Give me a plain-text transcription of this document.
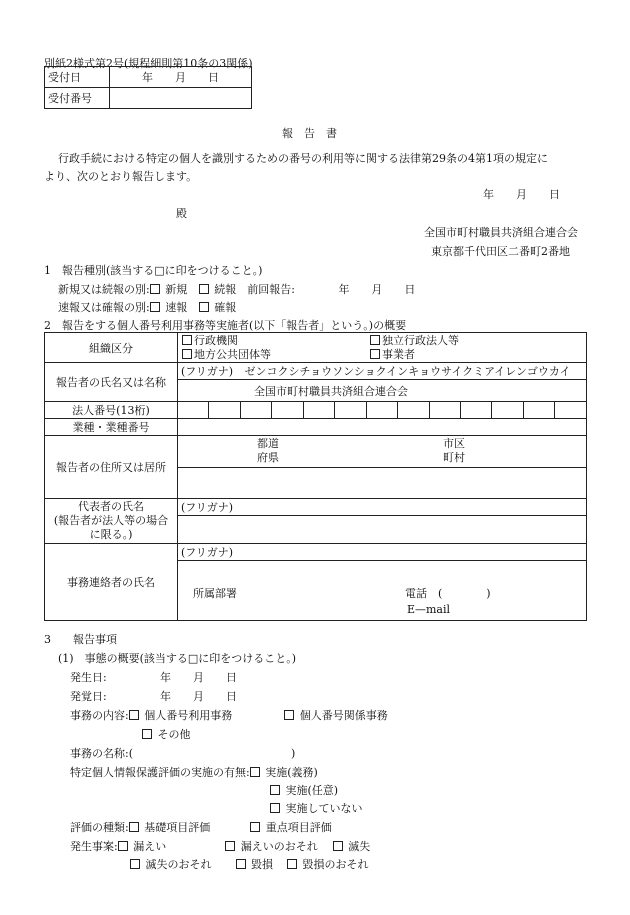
別紙2様式第2号(規程細則第10条の3関係)
受付日	年　　月　　日
受付番号	
報　告　書
行政手続における特定の個人を識別するための番号の利用等に関する法律第29条の4第1項の規定に
より、次のとおり報告します。
年　　月　　日
殿
全国市町村職員共済組合連合会
東京都千代田区二番町2番地
1　報告種別(該当する□に印をつけること。)
新規又は続報の別: 新規 続報　前回報告:	年　　月　　日
速報又は確報の別: 速報 確報
2　報告をする個人番号利用事務等実施者(以下「報告者」という。)の概要
組織区分	行政機関 独立行政法人等
地方公共団体等 事業者												

報告者の氏名又は名称	(フリガナ) ゼンコクシチョウソンショクインキョウサイクミアイレンゴウカイ												
	全国市町村職員共済組合連合会												
法人番号(13桁)													
業種・業種番号													
報告者の住所又は居所	都道
府県
市区
町村												

代表者の氏名
(報告者が法人等の場合
に限る。)	(フリガナ)												

事務連絡者の氏名	(フリガナ)												

	所属部署 電話　(　　　　)
E—mail												
3　　報告事項
(1)　事態の概要(該当する□に印をつけること。)
発生日:	年　　月　　日
発覚日:	年　　月　　日
事務の内容: 個人番号利用事務	個人番号関係事務
その他
事務の名称:(	)
特定個人情報保護評価の実施の有無: 実施(義務)
実施(任意)
実施していない
評価の種類: 基礎項目評価	重点項目評価
発生事案: 漏えい	漏えいのおそれ	滅失
滅失のおそれ	毀損	毀損のおそれ
